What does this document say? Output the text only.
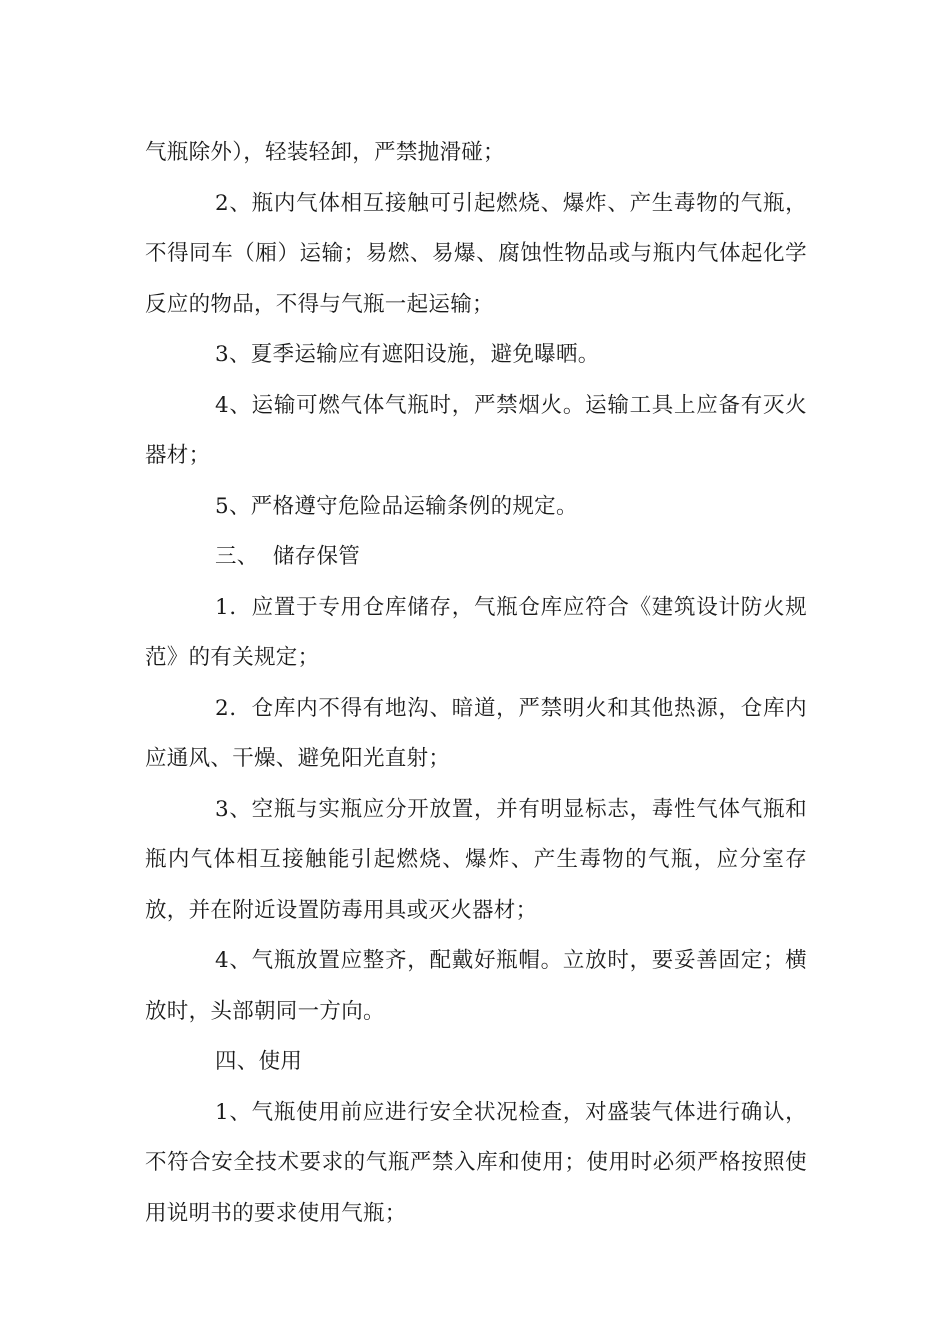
气瓶除外），轻装轻卸，严禁抛滑碰；

2、瓶内气体相互接触可引起燃烧、爆炸、产生毒物的气瓶，不得同车（厢）运输；易燃、易爆、腐蚀性物品或与瓶内气体起化学反应的物品，不得与气瓶一起运输；

3、夏季运输应有遮阳设施，避免曝晒。

4、运输可燃气体气瓶时，严禁烟火。运输工具上应备有灭火器材；

5、严格遵守危险品运输条例的规定。

三、  储存保管

1．应置于专用仓库储存，气瓶仓库应符合《建筑设计防火规范》的有关规定；

2．仓库内不得有地沟、暗道，严禁明火和其他热源，仓库内应通风、干燥、避免阳光直射；

3、空瓶与实瓶应分开放置，并有明显标志，毒性气体气瓶和瓶内气体相互接触能引起燃烧、爆炸、产生毒物的气瓶，应分室存放，并在附近设置防毒用具或灭火器材；

4、气瓶放置应整齐，配戴好瓶帽。立放时，要妥善固定；横放时，头部朝同一方向。

四、使用

1、气瓶使用前应进行安全状况检查，对盛装气体进行确认，不符合安全技术要求的气瓶严禁入库和使用；使用时必须严格按照使用说明书的要求使用气瓶；
